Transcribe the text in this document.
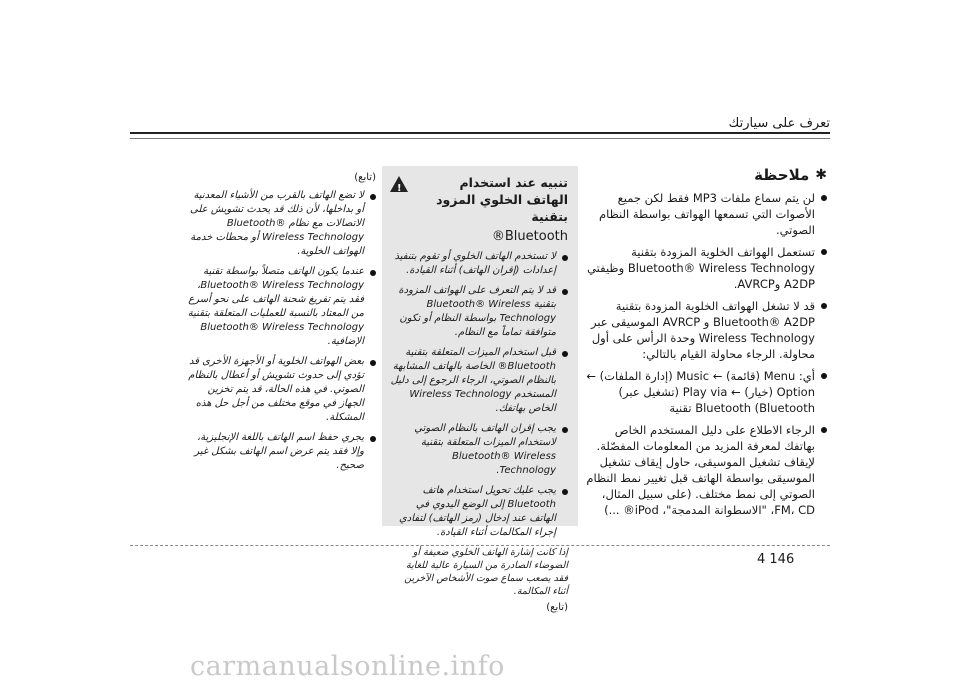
تعرف على سيارتك
✱
ملاحظة
لن يتم سماع ملفات MP3 فقط لكن جميع الأصوات التي تسمعها الهواتف بواسطة النظام الصوتي.
تستعمل الهواتف الخلوية المزودة بتقنية Bluetooth® Wireless Technology وظيفتي A2DP وAVRCP.
قد لا تشغل الهواتف الخلوية المزودة بتقنية Bluetooth® A2DP و AVRCP الموسيقى عبر Wireless Technology وحدة الرأس على أول محاولة. الرجاء محاولة القيام بالتالي:
أي: Menu (قائمة) ← Music (إدارة الملفات) ← Option (خيار) ← Play via (تشغيل عبر) Bluetooth (Bluetooth تقنية
الرجاء الاطلاع على دليل المستخدم الخاص بهاتفك لمعرفة المزيد من المعلومات المفصّلة. لإيقاف تشغيل الموسيقى، حاول إيقاف تشغيل الموسيقى بواسطة الهاتف قبل تغيير نمط النظام الصوتي إلى نمط مختلف. (على سبيل المثال، FM، CD، "الاسطوانة المدمجة"، iPod® ...)
تنبيه عند استخدام الهاتف الخلوي المزود بتقنية
!
Bluetooth®
لا تستخدم الهاتف الخلوي أو تقوم بتنفيذ إعدادات (إقران الهاتف) أثناء القيادة.
قد لا يتم التعرف على الهواتف المزودة بتقنية Bluetooth® Wireless Technology بواسطة النظام أو تكون متوافقة تماماً مع النظام.
قبل استخدام الميزات المتعلقة بتقنية Bluetooth® الخاصة بالهاتف المشابهة بالنظام الصوتي، الرجاء الرجوع إلى دليل المستخدم Wireless Technology الخاص بهاتفك.
يجب إقران الهاتف بالنظام الصوتي لاستخدام الميزات المتعلقة بتقنية Bluetooth® Wireless Technology.
يجب عليك تحويل استخدام هاتف Bluetooth إلى الوضع اليدوي في الهاتف عند إدخال (رمز الهاتف) لتفادي إجراء المكالمات أثناء القيادة.
إذا كانت إشارة الهاتف الخلوي ضعيفة أو الضوضاء الصادرة من السيارة عالية للغاية فقد يصعب سماع صوت الأشخاص الآخرين أثناء المكالمة.
(تابع)
(تابع)
لا تضع الهاتف بالقرب من الأشياء المعدنية أو بداخلها، لأن ذلك قد يحدث تشويش على الاتصالات مع نظام Bluetooth® Wireless Technology أو محطات خدمة الهواتف الخلوية.
عندما يكون الهاتف متصلاً بواسطة تقنية Bluetooth® Wireless Technology، فقد يتم تفريغ شحنة الهاتف على نحو أسرع من المعتاد بالنسبة للعمليات المتعلقة بتقنية Bluetooth® Wireless Technology الإضافية.
بعض الهواتف الخلوية أو الأجهزة الأخرى قد تؤدي إلى حدوث تشويش أو أعطال بالنظام الصوتي. في هذه الحالة، قد يتم تخزين الجهاز في موقع مختلف من أجل حل هذه المشكلة.
يجري حفظ اسم الهاتف باللغة الإنجليزية، وإلا فقد يتم عرض اسم الهاتف بشكل غير صحيح.
4 146
carmanualsonline.info
